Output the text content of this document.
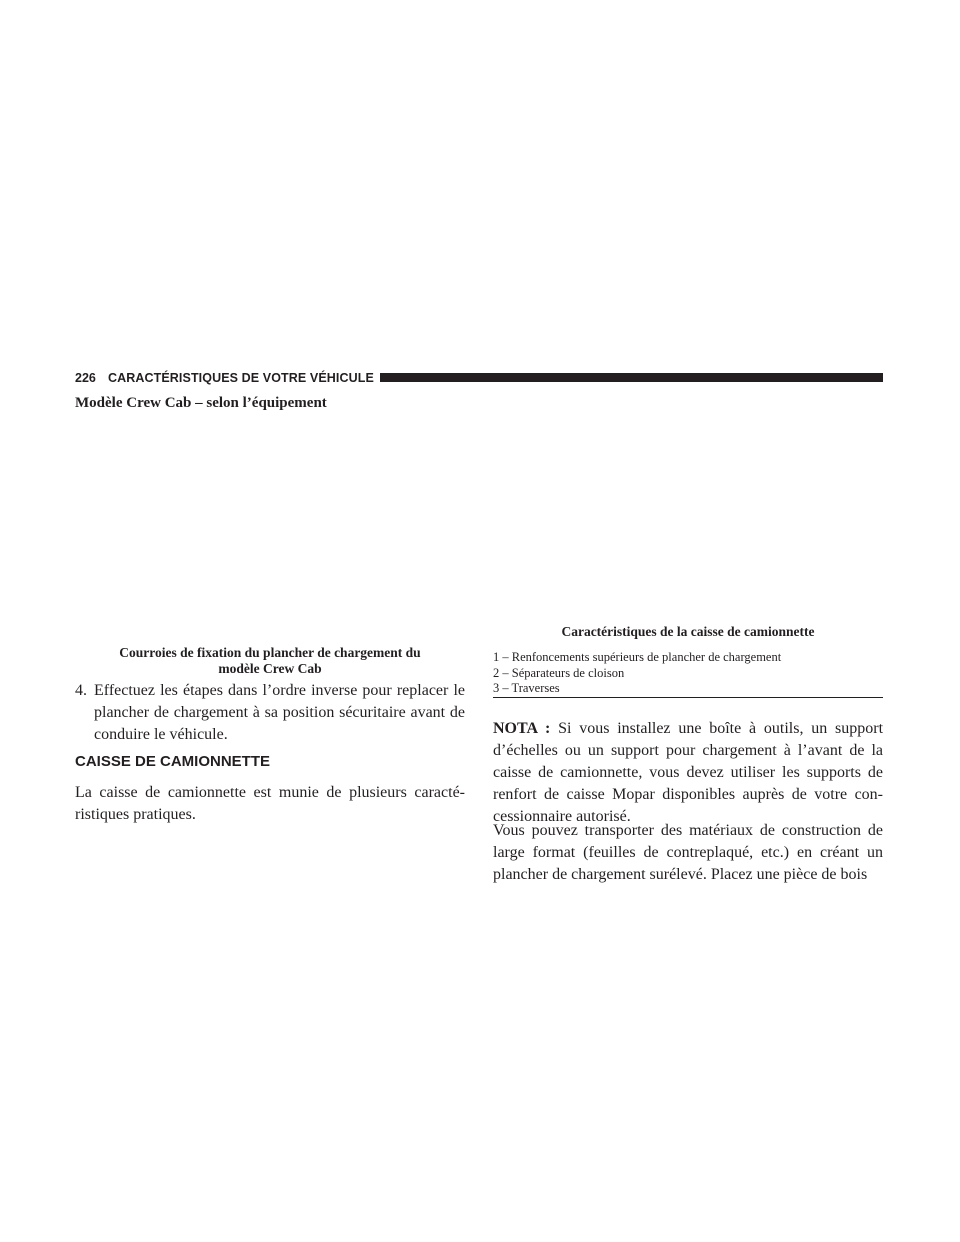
226 CARACTÉRISTIQUES DE VOTRE VÉHICULE
Modèle Crew Cab – selon l’équipement
Courroies de fixation du plancher de chargement du
modèle Crew Cab
Caractéristiques de la caisse de camionnette
1 – Renfoncements supérieurs de plancher de chargement
2 – Séparateurs de cloison
3 – Traverses
4. Effectuez les étapes dans l’ordre inverse pour replacer le plancher de chargement à sa position sécuritaire avant de conduire le véhicule.
CAISSE DE CAMIONNETTE
La caisse de camionnette est munie de plusieurs caracté-ristiques pratiques.
NOTA : Si vous installez une boîte à outils, un support d’échelles ou un support pour chargement à l’avant de la caisse de camionnette, vous devez utiliser les supports de renfort de caisse Mopar disponibles auprès de votre con-cessionnaire autorisé.
Vous pouvez transporter des matériaux de construction de large format (feuilles de contreplaqué, etc.) en créant un plancher de chargement surélevé. Placez une pièce de bois
